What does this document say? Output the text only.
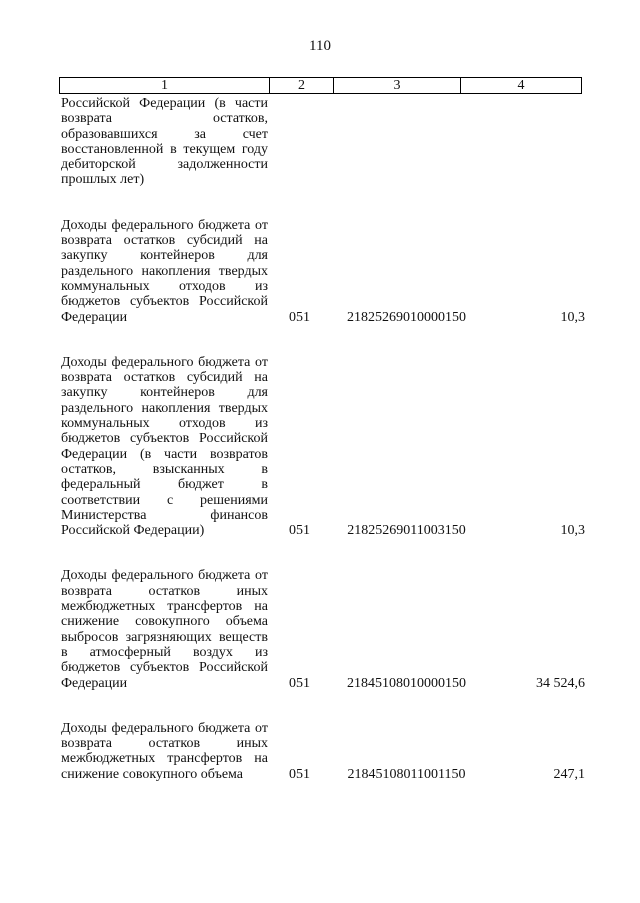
110
1	2	3	4
Российской Федерации (в части возврата остатков, образовавшихся за счет восстановленной в текущем году дебиторской задолженности прошлых лет)
Доходы федерального бюджета от возврата остатков субсидий на закупку контейнеров для раздельного накопления твердых коммунальных отходов из бюджетов субъектов Российской Федерации	051	21825269010000150	10,3
Доходы федерального бюджета от возврата остатков субсидий на закупку контейнеров для раздельного накопления твердых коммунальных отходов из бюджетов субъектов Российской Федерации (в части возвратов остатков, взысканных в федеральный бюджет в соответствии с решениями Министерства финансов Российской Федерации)	051	21825269011003150	10,3
Доходы федерального бюджета от возврата остатков иных межбюджетных трансфертов на снижение совокупного объема выбросов загрязняющих веществ в атмосферный воздух из бюджетов субъектов Российской Федерации	051	21845108010000150	34 524,6
Доходы федерального бюджета от возврата остатков иных межбюджетных трансфертов на снижение совокупного объема	051	21845108011001150	247,1
